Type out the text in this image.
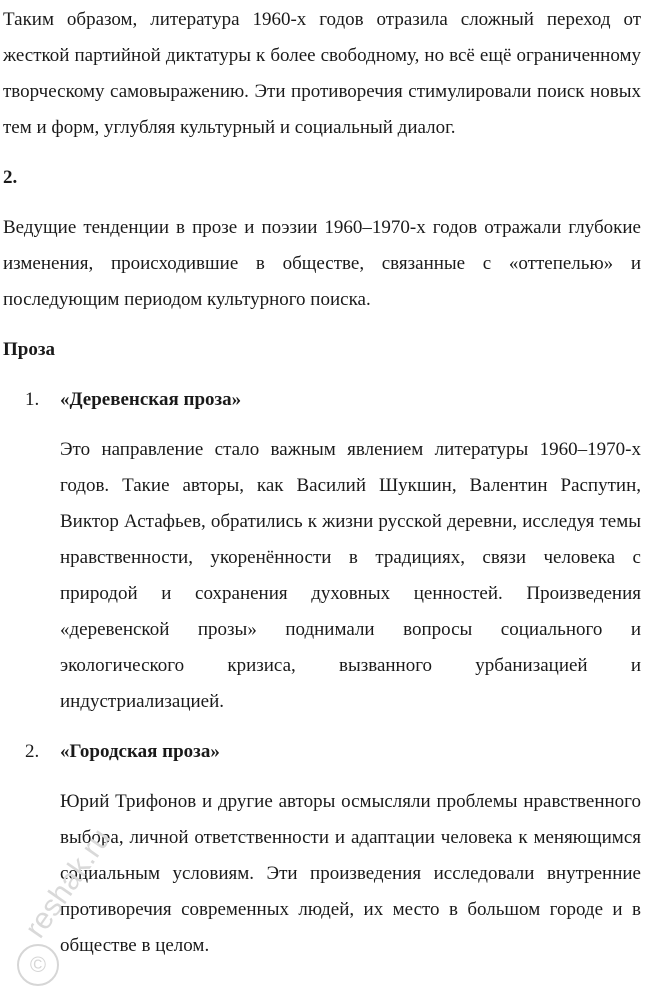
Таким образом, литература 1960-х годов отразила сложный переход от жесткой партийной диктатуры к более свободному, но всё ещё ограниченному творческому самовыражению. Эти противоречия стимулировали поиск новых тем и форм, углубляя культурный и социальный диалог.

2.

Ведущие тенденции в прозе и поэзии 1960–1970-х годов отражали глубокие изменения, происходившие в обществе, связанные с «оттепелью» и последующим периодом культурного поиска.

Проза

1. «Деревенская проза»

Это направление стало важным явлением литературы 1960–1970-х годов. Такие авторы, как Василий Шукшин, Валентин Распутин, Виктор Астафьев, обратились к жизни русской деревни, исследуя темы нравственности, укоренённости в традициях, связи человека с природой и сохранения духовных ценностей. Произведения «деревенской прозы» поднимали вопросы социального и экологического кризиса, вызванного урбанизацией и индустриализацией.

2. «Городская проза»

Юрий Трифонов и другие авторы осмысляли проблемы нравственного выбора, личной ответственности и адаптации человека к меняющимся социальным условиям. Эти произведения исследовали внутренние противоречия современных людей, их место в большом городе и в обществе в целом.

©
reshak.ru
